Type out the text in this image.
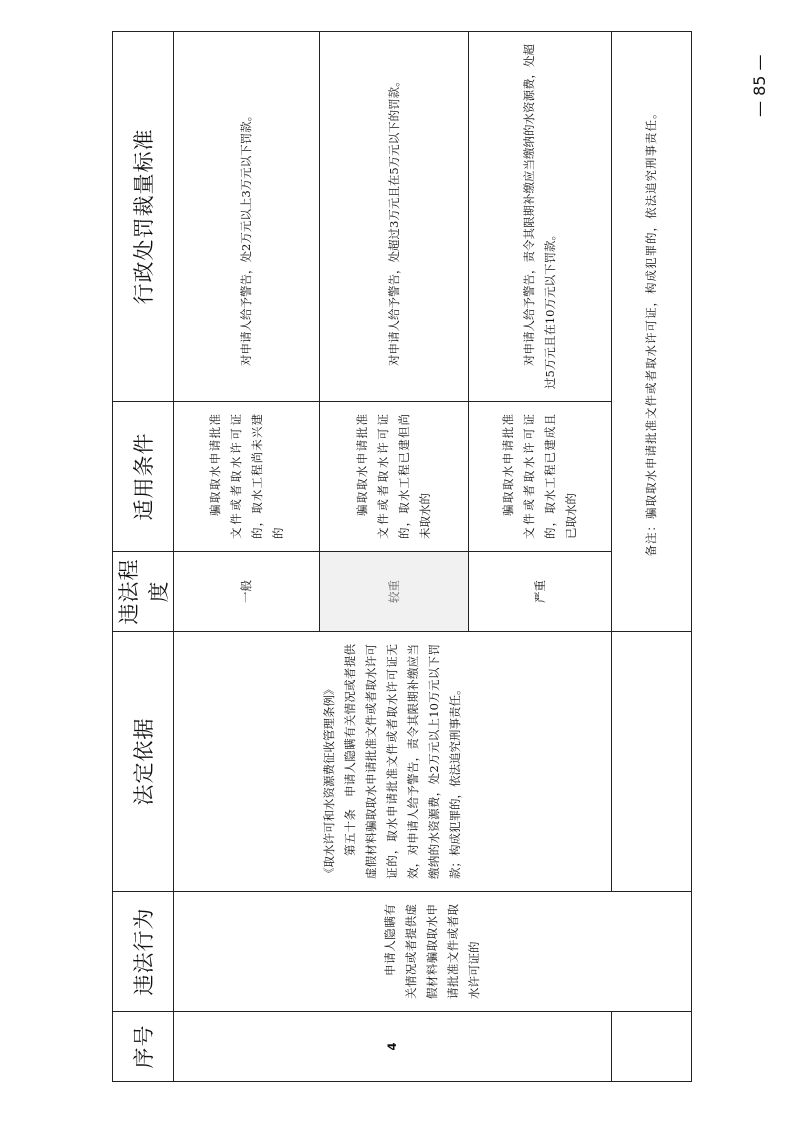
序号	违法行为	法定依据	违法程度	适用条件	行政处罚裁量标准
4	申请人隐瞒有关情况或者提供虚假材料骗取取水申请批准文件或者取水许可证的	《取水许可和水资源费征收管理条例》 第五十条　申请人隐瞒有关情况或者提供虚假材料骗取取水申请批准文件或者取水许可证的，取水申请批准文件或者取水许可证无效，对申请人给予警告，责令其限期补缴应当缴纳的水资源费，处2万元以上10万元以下罚款；构成犯罪的，依法追究刑事责任。	一般	骗取取水申请批准文件或者取水许可证的，取水工程尚未兴建的	对申请人给予警告，处2万元以上3万元以下罚款。

			较重	骗取取水申请批准文件或者取水许可证的，取水工程已建但尚未取水的	对申请人给予警告，处超过3万元且在5万元以下的罚款。

			严重	骗取取水申请批准文件或者取水许可证的，取水工程已建成且已取水的	对申请人给予警告，责令其限期补缴应当缴纳的水资源费，处超过5万元且在10万元以下罚款。

			备注：骗取取水申请批准文件或者取水许可证，构成犯罪的，依法追究刑事责任。		
— 85 —
